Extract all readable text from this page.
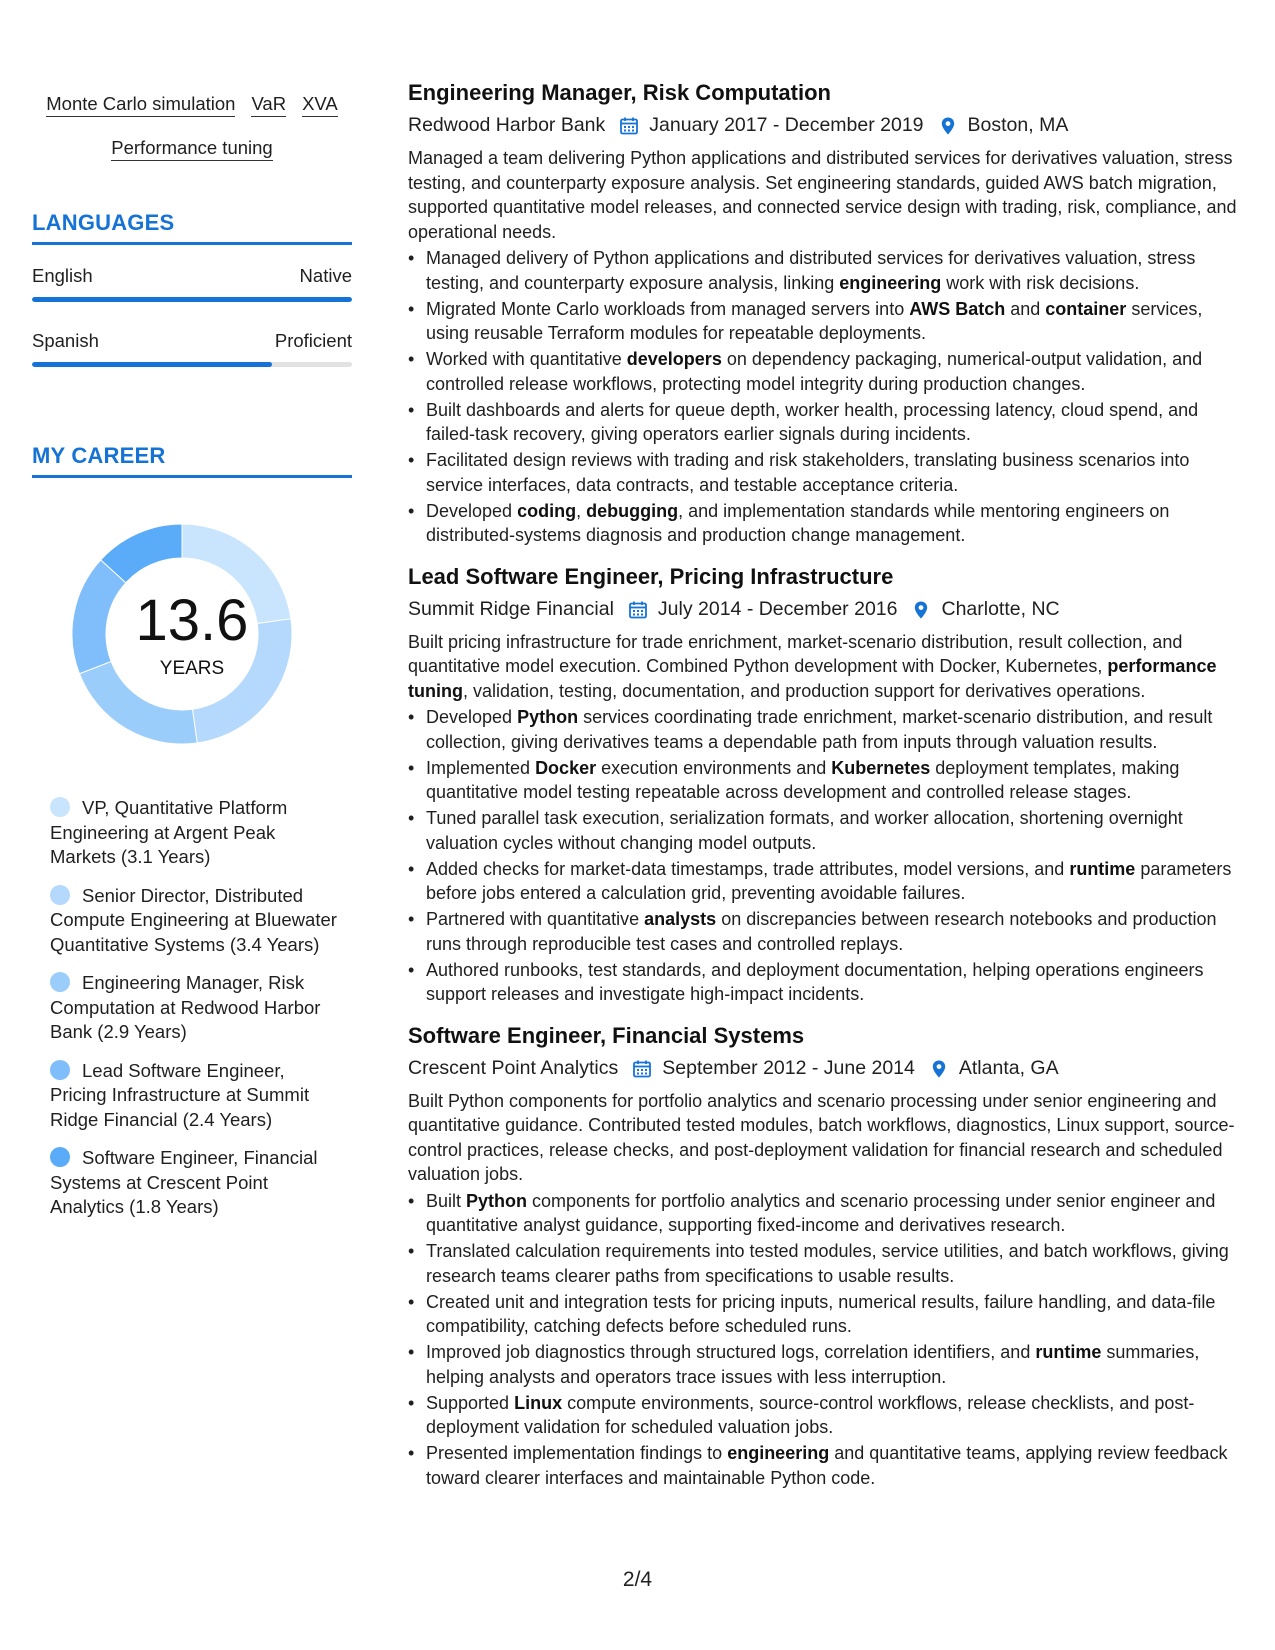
Monte Carlo simulation VaR XVA
Performance tuning
LANGUAGES
English	Native
Spanish	Proficient
MY CAREER
13.6
YEARS
VP, Quantitative Platform Engineering at Argent Peak Markets (3.1 Years)
Senior Director, Distributed Compute Engineering at Bluewater Quantitative Systems (3.4 Years)
Engineering Manager, Risk Computation at Redwood Harbor Bank (2.9 Years)
Lead Software Engineer, Pricing Infrastructure at Summit Ridge Financial (2.4 Years)
Software Engineer, Financial Systems at Crescent Point Analytics (1.8 Years)
Engineering Manager, Risk Computation
Redwood Harbor Bank January 2017 - December 2019 Boston, MA
Managed a team delivering Python applications and distributed services for derivatives valuation, stress testing, and counterparty exposure analysis. Set engineering standards, guided AWS batch migration, supported quantitative model releases, and connected service design with trading, risk, compliance, and operational needs.
• Managed delivery of Python applications and distributed services for derivatives valuation, stress testing, and counterparty exposure analysis, linking engineering work with risk decisions.
• Migrated Monte Carlo workloads from managed servers into AWS Batch and container services, using reusable Terraform modules for repeatable deployments.
• Worked with quantitative developers on dependency packaging, numerical-output validation, and controlled release workflows, protecting model integrity during production changes.
• Built dashboards and alerts for queue depth, worker health, processing latency, cloud spend, and failed-task recovery, giving operators earlier signals during incidents.
• Facilitated design reviews with trading and risk stakeholders, translating business scenarios into service interfaces, data contracts, and testable acceptance criteria.
• Developed coding, debugging, and implementation standards while mentoring engineers on distributed-systems diagnosis and production change management.
Lead Software Engineer, Pricing Infrastructure
Summit Ridge Financial July 2014 - December 2016 Charlotte, NC
Built pricing infrastructure for trade enrichment, market-scenario distribution, result collection, and quantitative model execution. Combined Python development with Docker, Kubernetes, performance tuning, validation, testing, documentation, and production support for derivatives operations.
• Developed Python services coordinating trade enrichment, market-scenario distribution, and result collection, giving derivatives teams a dependable path from inputs through valuation results.
• Implemented Docker execution environments and Kubernetes deployment templates, making quantitative model testing repeatable across development and controlled release stages.
• Tuned parallel task execution, serialization formats, and worker allocation, shortening overnight valuation cycles without changing model outputs.
• Added checks for market-data timestamps, trade attributes, model versions, and runtime parameters before jobs entered a calculation grid, preventing avoidable failures.
• Partnered with quantitative analysts on discrepancies between research notebooks and production runs through reproducible test cases and controlled replays.
• Authored runbooks, test standards, and deployment documentation, helping operations engineers support releases and investigate high-impact incidents.
Software Engineer, Financial Systems
Crescent Point Analytics September 2012 - June 2014 Atlanta, GA
Built Python components for portfolio analytics and scenario processing under senior engineering and quantitative guidance. Contributed tested modules, batch workflows, diagnostics, Linux support, source-control practices, release checks, and post-deployment validation for financial research and scheduled valuation jobs.
• Built Python components for portfolio analytics and scenario processing under senior engineer and quantitative analyst guidance, supporting fixed-income and derivatives research.
• Translated calculation requirements into tested modules, service utilities, and batch workflows, giving research teams clearer paths from specifications to usable results.
• Created unit and integration tests for pricing inputs, numerical results, failure handling, and data-file compatibility, catching defects before scheduled runs.
• Improved job diagnostics through structured logs, correlation identifiers, and runtime summaries, helping analysts and operators trace issues with less interruption.
• Supported Linux compute environments, source-control workflows, release checklists, and post-deployment validation for scheduled valuation jobs.
• Presented implementation findings to engineering and quantitative teams, applying review feedback toward clearer interfaces and maintainable Python code.
2/4
